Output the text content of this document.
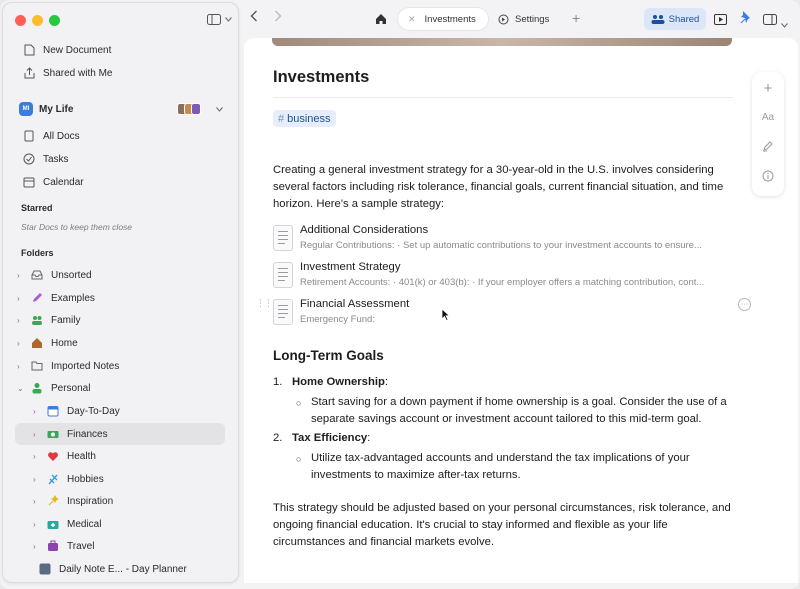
New Document
Shared with Me
MI My Life
All Docs
Tasks
Calendar
Starred
Star Docs to keep them close
Folders
›	Unsorted
›	Examples
›	Family
›	Home
›	Imported Notes
⌄	Personal
›	Day-To-Day
›	Finances
›	Health
›	Hobbies
›	Inspiration
›	Medical
›	Travel
Daily Note E... - Day Planner
✕ Investments	Settings +	Shared
Investments
# business
Creating a general investment strategy for a 30-year-old in the U.S. involves considering several factors including risk tolerance, financial goals, current financial situation, and time horizon. Here's a sample strategy:
Additional Considerations
Regular Contributions: · Set up automatic contributions to your investment accounts to ensure...
Investment Strategy
Retirement Accounts: · 401(k) or 403(b): · If your employer offers a matching contribution, cont...
Financial Assessment
Emergency Fund:
Long-Term Goals
1. Home Ownership:
○ Start saving for a down payment if home ownership is a goal. Consider the use of a separate savings account or investment account tailored to this mid-term goal.
2. Tax Efficiency:
○ Utilize tax-advantaged accounts and understand the tax implications of your investments to maximize after-tax returns.
This strategy should be adjusted based on your personal circumstances, risk tolerance, and ongoing financial education. It's crucial to stay informed and flexible as your life circumstances and financial markets evolve.
⋮⋮	···
+
Aa
